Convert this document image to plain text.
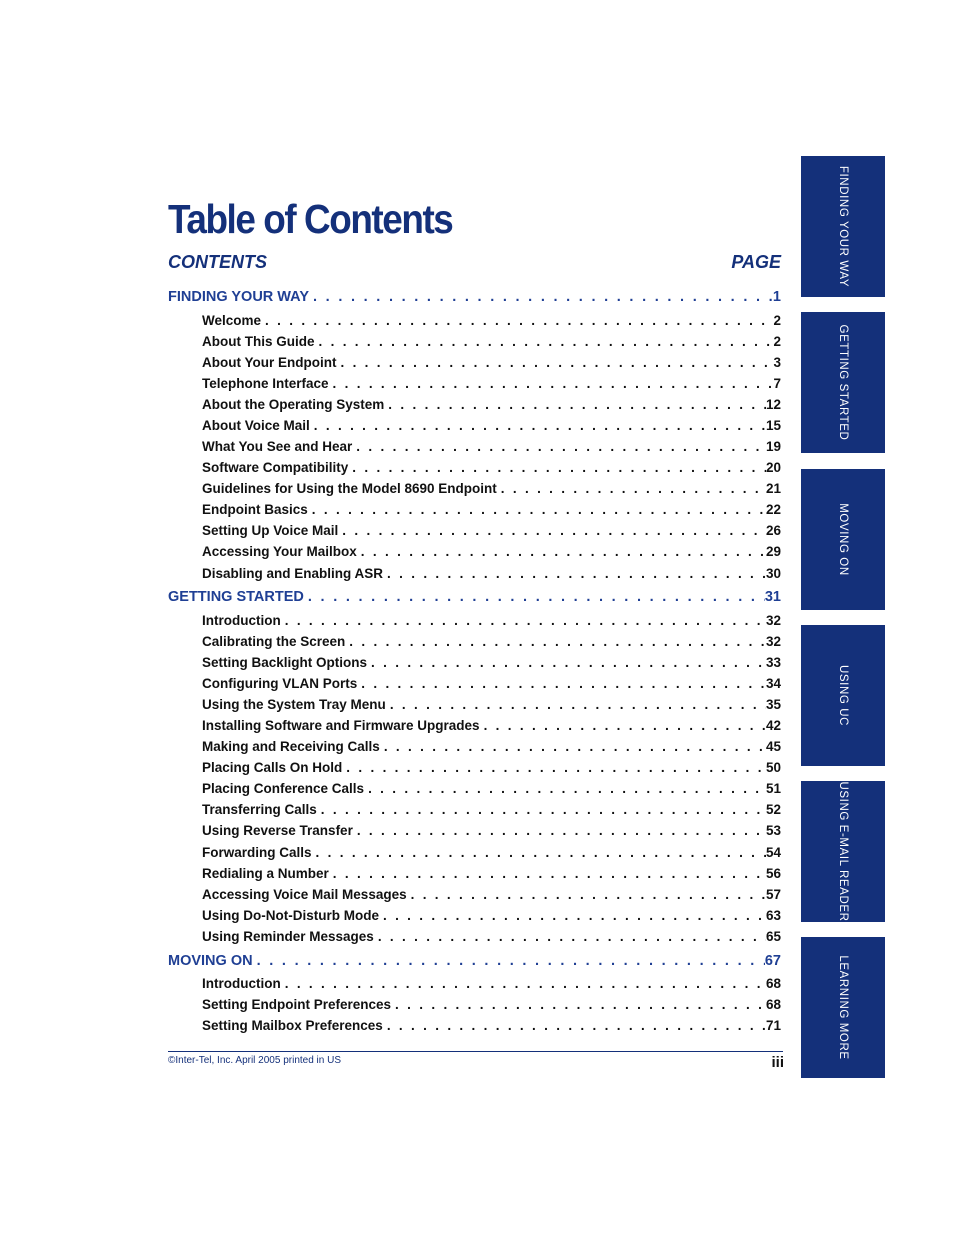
Table of Contents
CONTENTS	PAGE
FINDING YOUR WAY . . .	1
Welcome . . .	2
About This Guide . . .	2
About Your Endpoint . . .	3
Telephone Interface . . .	7
About the Operating System . . .	12
About Voice Mail . . .	15
What You See and Hear . . .	19
Software Compatibility . . .	20
Guidelines for Using the Model 8690 Endpoint . . .	21
Endpoint Basics . . .	22
Setting Up Voice Mail . . .	26
Accessing Your Mailbox . . .	29
Disabling and Enabling ASR . . .	30
GETTING STARTED . . .	31
Introduction . . .	32
Calibrating the Screen . . .	32
Setting Backlight Options . . .	33
Configuring VLAN Ports . . .	34
Using the System Tray Menu . . .	35
Installing Software and Firmware Upgrades . . .	42
Making and Receiving Calls . . .	45
Placing Calls On Hold . . .	50
Placing Conference Calls . . .	51
Transferring Calls . . .	52
Using Reverse Transfer . . .	53
Forwarding Calls . . .	54
Redialing a Number . . .	56
Accessing Voice Mail Messages . . .	57
Using Do-Not-Disturb Mode . . .	63
Using Reminder Messages . . .	65
MOVING ON . . .	67
Introduction . . .	68
Setting Endpoint Preferences . . .	68
Setting Mailbox Preferences . . .	71
©Inter-Tel, Inc. April 2005 printed in US	iii
FINDING YOUR WAY
GETTING STARTED
MOVING ON
USING UC
USING E-MAIL READER
LEARNING MORE
